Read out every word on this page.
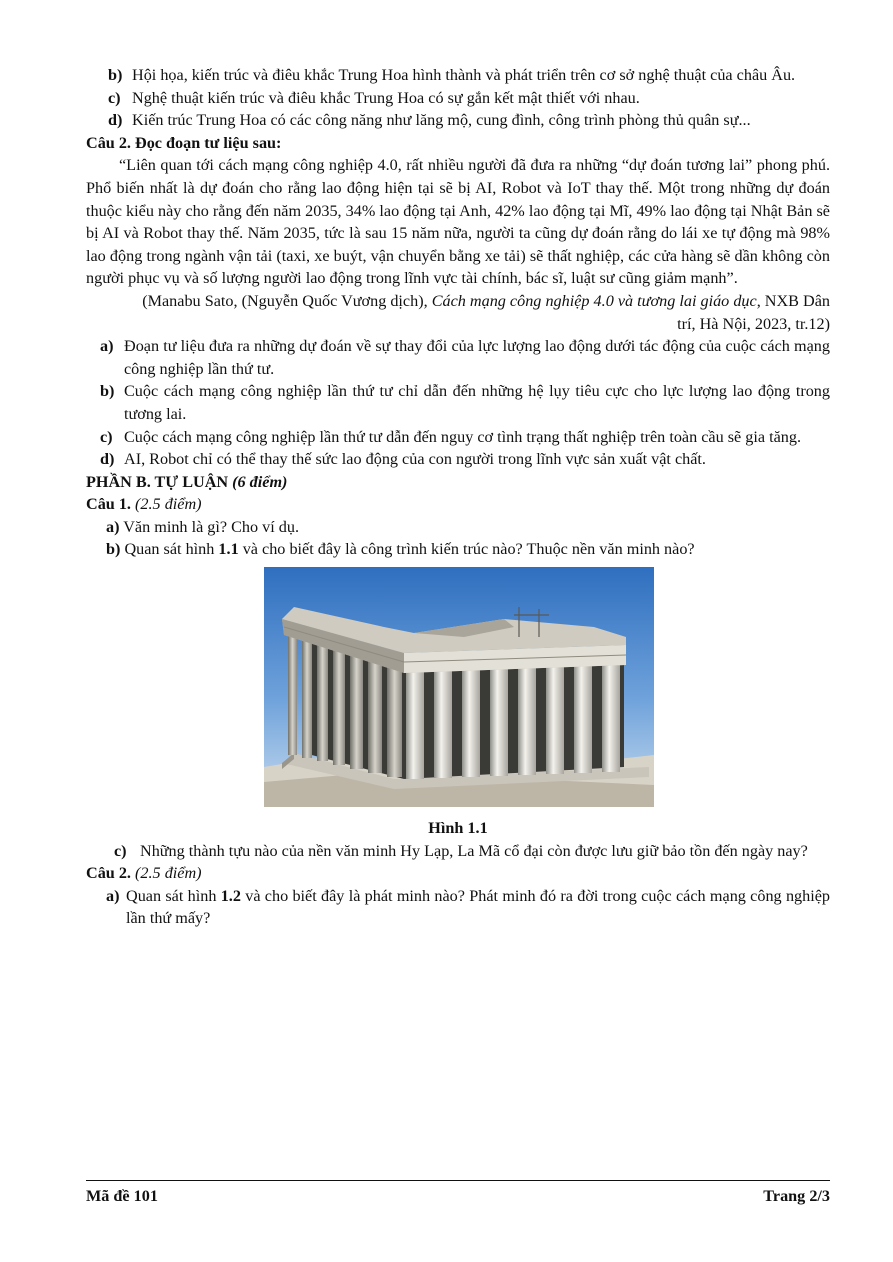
b) Hội họa, kiến trúc và điêu khắc Trung Hoa hình thành và phát triển trên cơ sở nghệ thuật của châu Âu.

c) Nghệ thuật kiến trúc và điêu khắc Trung Hoa có sự gắn kết mật thiết với nhau.

d) Kiến trúc Trung Hoa có các công năng như lăng mộ, cung đình, công trình phòng thủ quân sự...

Câu 2. Đọc đoạn tư liệu sau:

“Liên quan tới cách mạng công nghiệp 4.0, rất nhiều người đã đưa ra những “dự đoán tương lai” phong phú. Phổ biến nhất là dự đoán cho rằng lao động hiện tại sẽ bị AI, Robot và IoT thay thế. Một trong những dự đoán thuộc kiểu này cho rằng đến năm 2035, 34% lao động tại Anh, 42% lao động tại Mĩ, 49% lao động tại Nhật Bản sẽ bị AI và Robot thay thế. Năm 2035, tức là sau 15 năm nữa, người ta cũng dự đoán rằng do lái xe tự động mà 98% lao động trong ngành vận tải (taxi, xe buýt, vận chuyển bằng xe tải) sẽ thất nghiệp, các cửa hàng sẽ dần không còn người phục vụ và số lượng người lao động trong lĩnh vực tài chính, bác sĩ, luật sư cũng giảm mạnh”.

(Manabu Sato, (Nguyễn Quốc Vương dịch), Cách mạng công nghiệp 4.0 và tương lai giáo dục, NXB Dân trí, Hà Nội, 2023, tr.12)

a) Đoạn tư liệu đưa ra những dự đoán về sự thay đổi của lực lượng lao động dưới tác động của cuộc cách mạng công nghiệp lần thứ tư.

b) Cuộc cách mạng công nghiệp lần thứ tư chỉ dẫn đến những hệ lụy tiêu cực cho lực lượng lao động trong tương lai.

c) Cuộc cách mạng công nghiệp lần thứ tư dẫn đến nguy cơ tình trạng thất nghiệp trên toàn cầu sẽ gia tăng.

d) AI, Robot chỉ có thể thay thế sức lao động của con người trong lĩnh vực sản xuất vật chất.

PHẦN B. TỰ LUẬN (6 điểm)

Câu 1. (2.5 điểm)

a) Văn minh là gì? Cho ví dụ.

b) Quan sát hình 1.1 và cho biết đây là công trình kiến trúc nào? Thuộc nền văn minh nào?

Hình 1.1

c) Những thành tựu nào của nền văn minh Hy Lạp, La Mã cổ đại còn được lưu giữ bảo tồn đến ngày nay?

Câu 2. (2.5 điểm)

a) Quan sát hình 1.2 và cho biết đây là phát minh nào? Phát minh đó ra đời trong cuộc cách mạng công nghiệp lần thứ mấy?

Mã đề 101	Trang 2/3
